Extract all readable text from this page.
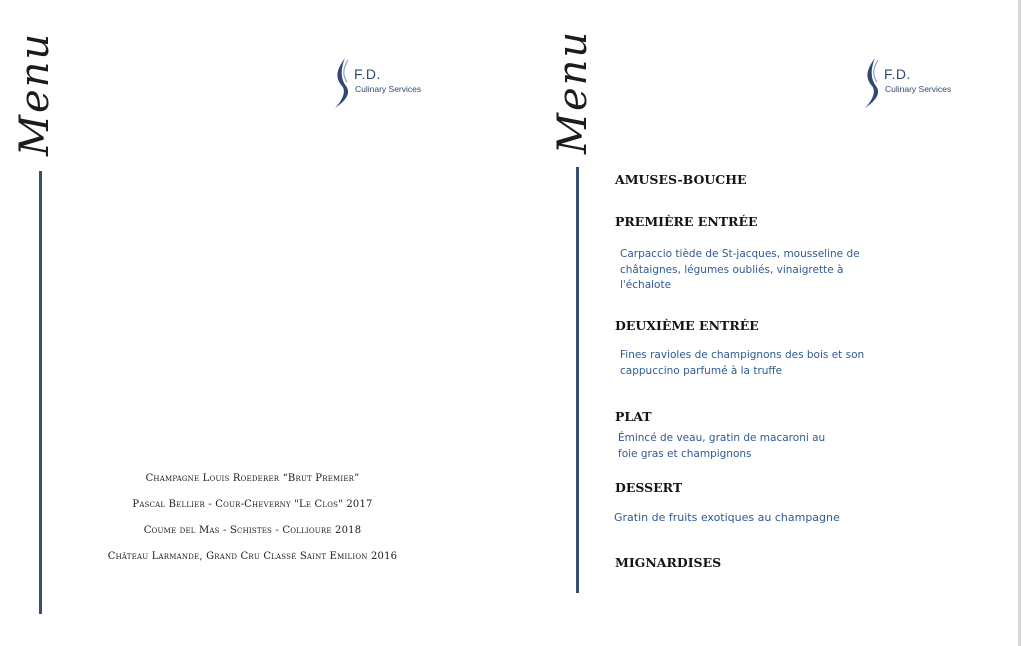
Menu	F.D.
Culinary Services
Champagne Louis Roederer “Brut Premier”
Pascal Bellier - Cour-Cheverny "Le Clos" 2017
Coume del Mas - Schistes - Collioure 2018
Château Larmande, Grand Cru Classé Saint Emilion 2016
Menu	F.D.
Culinary Services
AMUSES-BOUCHE
PREMIÈRE ENTRÉE
Carpaccio tiède de St-jacques, mousseline de
châtaignes, légumes oubliés, vinaigrette à
l'échalote
DEUXIÈME ENTRÉE
Fines ravioles de champignons des bois et son
cappuccino parfumé à la truffe
PLAT
Émincé de veau, gratin de macaroni au
foie gras et champignons
DESSERT
Gratin de fruits exotiques au champagne
MIGNARDISES
